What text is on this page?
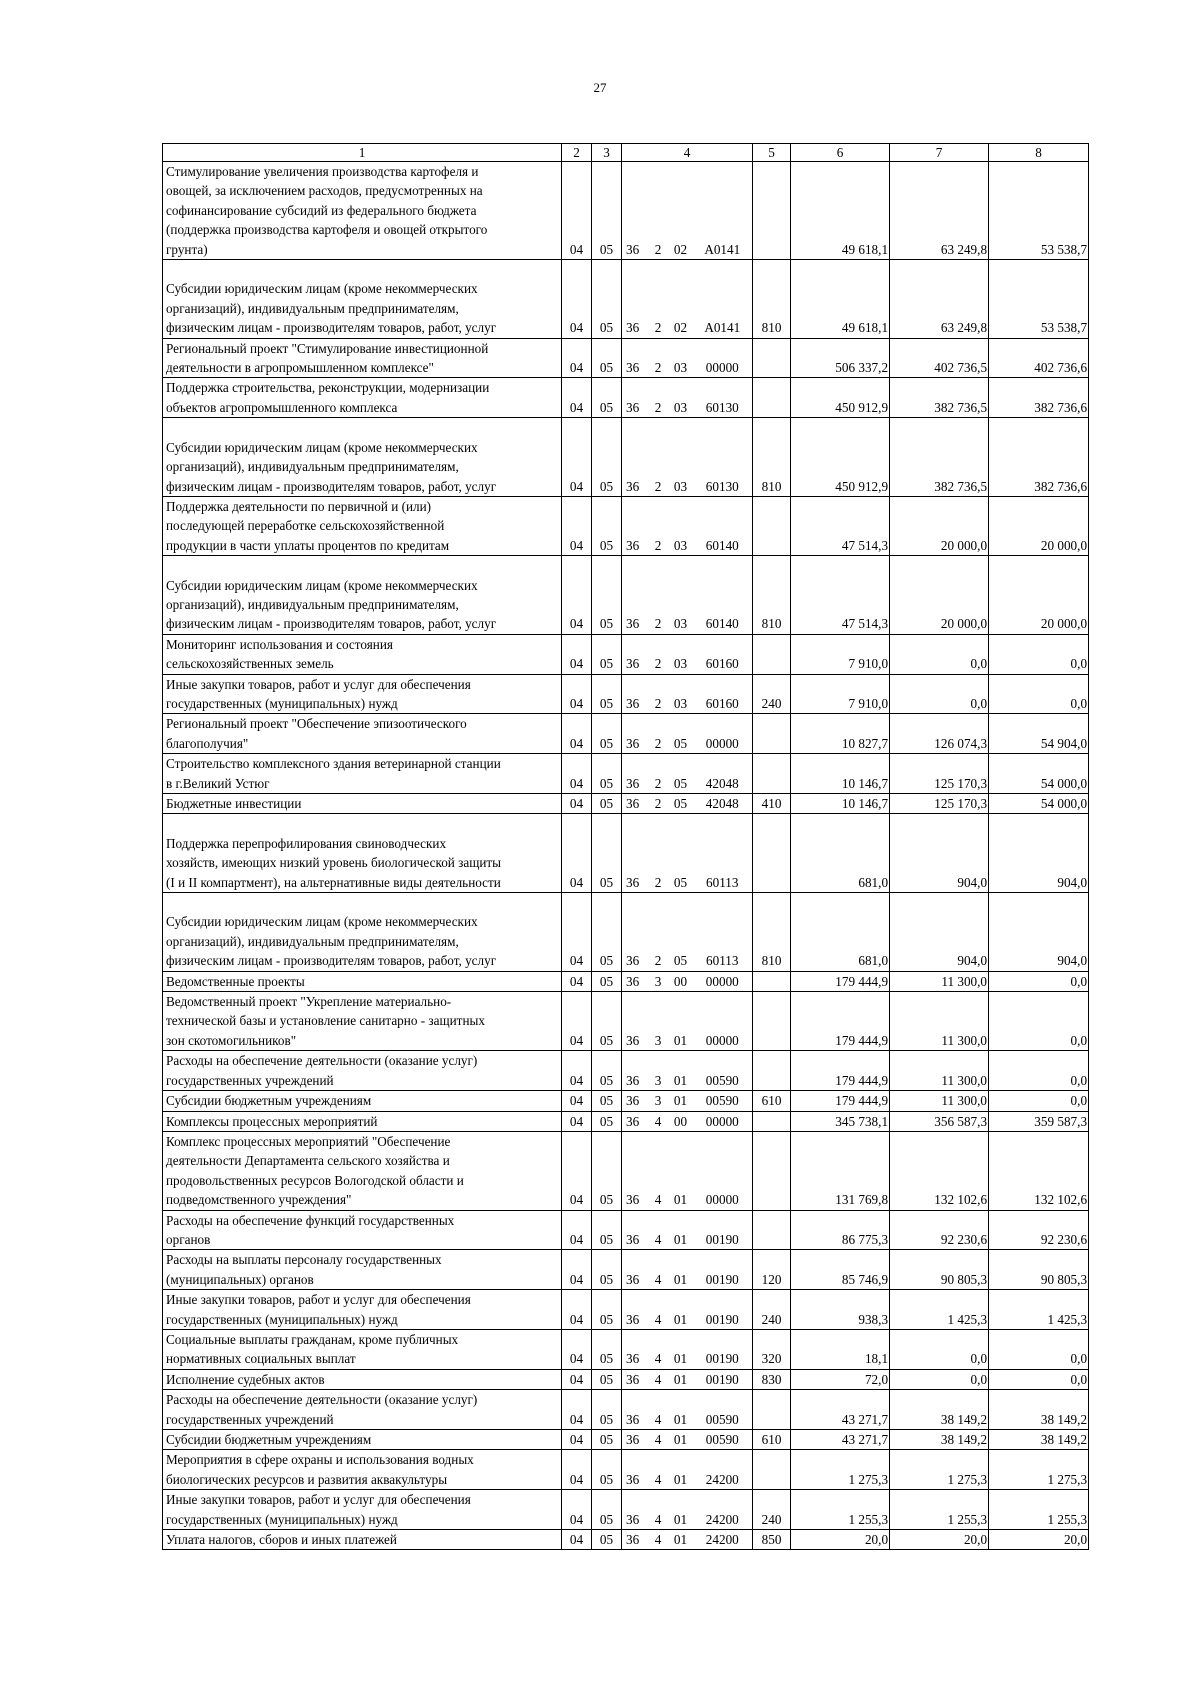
27
1	2	3	4				5	6	7	8

Стимулирование увеличения производства картофеля и
овощей, за исключением расходов, предусмотренных на
софинансирование субсидий из федерального бюджета
(поддержка производства картофеля и овощей открытого
грунта)	04	05	36	2	02	A0141		49 618,1	63 249,8	53 538,7

Субсидии юридическим лицам (кроме некоммерческих
организаций), индивидуальным предпринимателям,
физическим лицам - производителям товаров, работ, услуг	04	05	36	2	02	A0141	810	49 618,1	63 249,8	53 538,7

Региональный проект "Стимулирование инвестиционной
деятельности в агропромышленном комплексе"	04	05	36	2	03	00000		506 337,2	402 736,5	402 736,6

Поддержка строительства, реконструкции, модернизации
объектов агропромышленного комплекса	04	05	36	2	03	60130		450 912,9	382 736,5	382 736,6

Субсидии юридическим лицам (кроме некоммерческих
организаций), индивидуальным предпринимателям,
физическим лицам - производителям товаров, работ, услуг	04	05	36	2	03	60130	810	450 912,9	382 736,5	382 736,6

Поддержка деятельности по первичной и (или)
последующей переработке сельскохозяйственной
продукции в части уплаты процентов по кредитам	04	05	36	2	03	60140		47 514,3	20 000,0	20 000,0

Субсидии юридическим лицам (кроме некоммерческих
организаций), индивидуальным предпринимателям,
физическим лицам - производителям товаров, работ, услуг	04	05	36	2	03	60140	810	47 514,3	20 000,0	20 000,0

Мониторинг использования и состояния
сельскохозяйственных земель	04	05	36	2	03	60160		7 910,0	0,0	0,0

Иные закупки товаров, работ и услуг для обеспечения
государственных (муниципальных) нужд	04	05	36	2	03	60160	240	7 910,0	0,0	0,0

Региональный проект "Обеспечение эпизоотического
благополучия"	04	05	36	2	05	00000		10 827,7	126 074,3	54 904,0

Строительство комплексного здания ветеринарной станции
в г.Великий Устюг	04	05	36	2	05	42048		10 146,7	125 170,3	54 000,0

Бюджетные инвестиции	04	05	36	2	05	42048	410	10 146,7	125 170,3	54 000,0

Поддержка перепрофилирования свиноводческих
хозяйств, имеющих низкий уровень биологической защиты
(I и II компартмент), на альтернативные виды деятельности	04	05	36	2	05	60113		681,0	904,0	904,0

Субсидии юридическим лицам (кроме некоммерческих
организаций), индивидуальным предпринимателям,
физическим лицам - производителям товаров, работ, услуг	04	05	36	2	05	60113	810	681,0	904,0	904,0

Ведомственные проекты	04	05	36	3	00	00000		179 444,9	11 300,0	0,0

Ведомственный проект "Укрепление материально-
технической базы и установление санитарно - защитных
зон скотомогильников"	04	05	36	3	01	00000		179 444,9	11 300,0	0,0

Расходы на обеспечение деятельности (оказание услуг)
государственных учреждений	04	05	36	3	01	00590		179 444,9	11 300,0	0,0

Субсидии бюджетным учреждениям	04	05	36	3	01	00590	610	179 444,9	11 300,0	0,0

Комплексы процессных мероприятий	04	05	36	4	00	00000		345 738,1	356 587,3	359 587,3

Комплекс процессных мероприятий "Обеспечение
деятельности Департамента сельского хозяйства и
продовольственных ресурсов Вологодской области и
подведомственного учреждения"	04	05	36	4	01	00000		131 769,8	132 102,6	132 102,6

Расходы на обеспечение функций государственных
органов	04	05	36	4	01	00190		86 775,3	92 230,6	92 230,6

Расходы на выплаты персоналу государственных
(муниципальных) органов	04	05	36	4	01	00190	120	85 746,9	90 805,3	90 805,3

Иные закупки товаров, работ и услуг для обеспечения
государственных (муниципальных) нужд	04	05	36	4	01	00190	240	938,3	1 425,3	1 425,3

Социальные выплаты гражданам, кроме публичных
нормативных социальных выплат	04	05	36	4	01	00190	320	18,1	0,0	0,0

Исполнение судебных актов	04	05	36	4	01	00190	830	72,0	0,0	0,0

Расходы на обеспечение деятельности (оказание услуг)
государственных учреждений	04	05	36	4	01	00590		43 271,7	38 149,2	38 149,2

Субсидии бюджетным учреждениям	04	05	36	4	01	00590	610	43 271,7	38 149,2	38 149,2

Мероприятия в сфере охраны и использования водных
биологических ресурсов и развития аквакультуры	04	05	36	4	01	24200		1 275,3	1 275,3	1 275,3

Иные закупки товаров, работ и услуг для обеспечения
государственных (муниципальных) нужд	04	05	36	4	01	24200	240	1 255,3	1 255,3	1 255,3

Уплата налогов, сборов и иных платежей	04	05	36	4	01	24200	850	20,0	20,0	20,0
